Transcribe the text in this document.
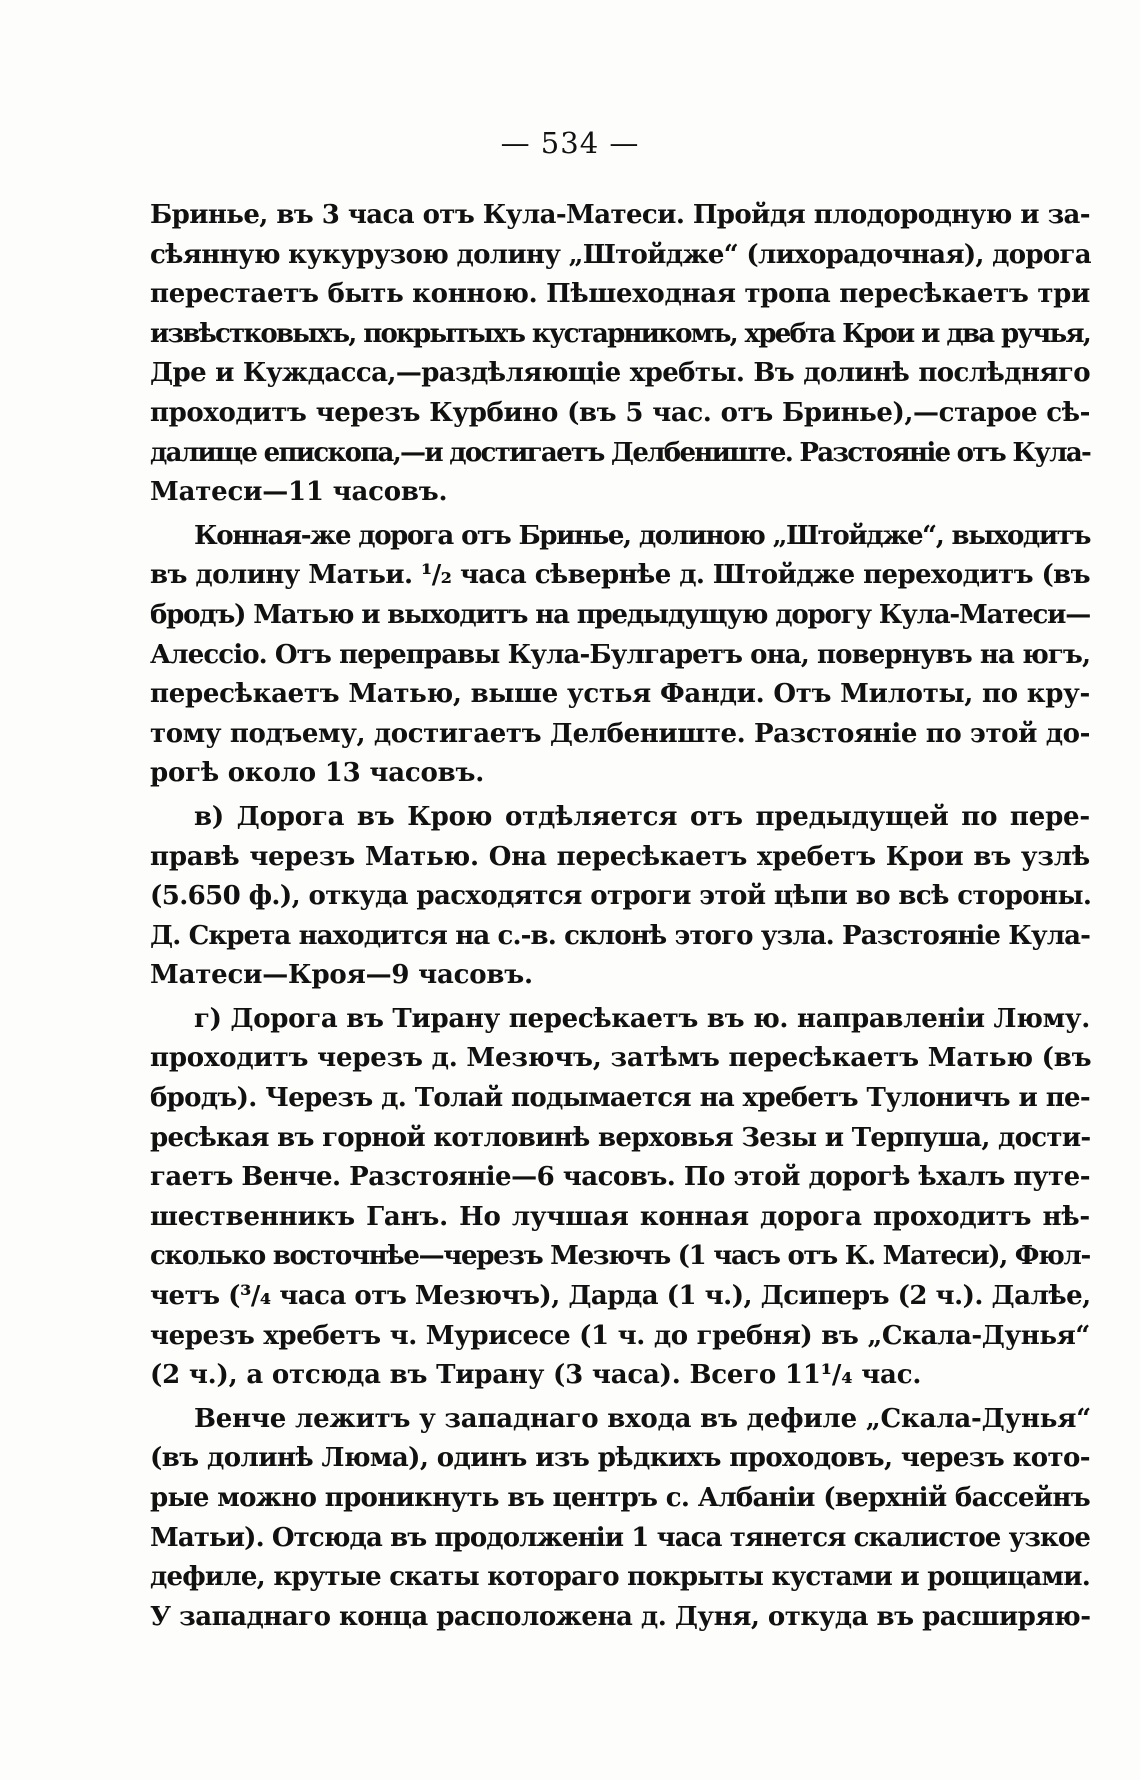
— 534 —
Бринье, въ 3 часа отъ Кула-Матеси. Пройдя плодородную и за-
сѣянную кукурузою долину „Штойдже“ (лихорадочная), дорога
перестаетъ быть конною. Пѣшеходная тропа пересѣкаетъ три
извѣстковыхъ, покрытыхъ кустарникомъ, хребта Крои и два ручья,
Дре и Куждасса,—раздѣляющіе хребты. Въ долинѣ послѣдняго
проходитъ черезъ Курбино (въ 5 час. отъ Бринье),—старое сѣ-
далище епископа,—и достигаетъ Делбениште. Разстояніе отъ Кула-
Матеси—11 часовъ.
Конная-же дорога отъ Бринье, долиною „Штойдже“, выходитъ
въ долину Матьи. ¹/₂ часа сѣвернѣе д. Штойдже переходитъ (въ
бродъ) Матью и выходитъ на предыдущую дорогу Кула-Матеси—
Алессіо. Отъ переправы Кула-Булгаретъ она, повернувъ на югъ,
пересѣкаетъ Матью, выше устья Фанди. Отъ Милоты, по кру-
тому подъему, достигаетъ Делбениште. Разстояніе по этой до-
рогѣ около 13 часовъ.
в) Дорога въ Крою отдѣляется отъ предыдущей по пере-
правѣ черезъ Матью. Она пересѣкаетъ хребетъ Крои въ узлѣ
(5.650 ф.), откуда расходятся отроги этой цѣпи во всѣ стороны.
Д. Скрета находится на с.-в. склонѣ этого узла. Разстояніе Кула-
Матеси—Кроя—9 часовъ.
г) Дорога въ Тирану пересѣкаетъ въ ю. направленіи Люму.
проходитъ черезъ д. Мезючъ, затѣмъ пересѣкаетъ Матью (въ
бродъ). Черезъ д. Толай подымается на хребетъ Тулоничъ и пе-
ресѣкая въ горной котловинѣ верховья Зезы и Терпуша, дости-
гаетъ Венче. Разстояніе—6 часовъ. По этой дорогѣ ѣхалъ путе-
шественникъ Ганъ. Но лучшая конная дорога проходитъ нѣ-
сколько восточнѣе—черезъ Мезючъ (1 часъ отъ К. Матеси), Фюл-
четъ (³/₄ часа отъ Мезючъ), Дарда (1 ч.), Дсиперъ (2 ч.). Далѣе,
черезъ хребетъ ч. Мурисесе (1 ч. до гребня) въ „Скала-Дунья“
(2 ч.), а отсюда въ Тирану (3 часа). Всего 11¹/₄ час.
Венче лежитъ у западнаго входа въ дефиле „Скала-Дунья“
(въ долинѣ Люма), одинъ изъ рѣдкихъ проходовъ, черезъ кото-
рые можно проникнуть въ центръ с. Албаніи (верхній бассейнъ
Матьи). Отсюда въ продолженіи 1 часа тянется скалистое узкое
дефиле, крутые скаты котораго покрыты кустами и рощицами.
У западнаго конца расположена д. Дуня, откуда въ расширяю-
